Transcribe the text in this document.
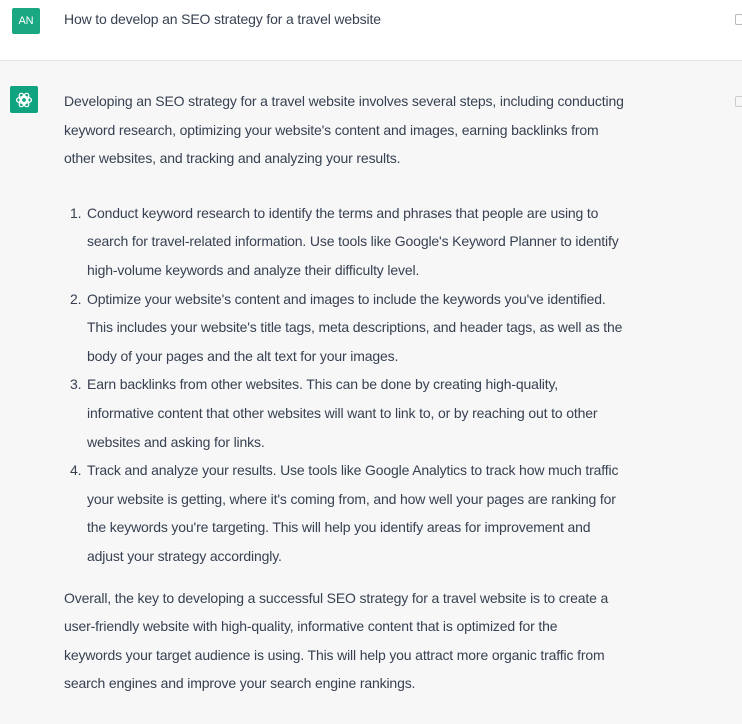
AN	How to develop an SEO strategy for a travel website

Developing an SEO strategy for a travel website involves several steps, including conducting
keyword research, optimizing your website's content and images, earning backlinks from
other websites, and tracking and analyzing your results.

1. Conduct keyword research to identify the terms and phrases that people are using to
search for travel-related information. Use tools like Google's Keyword Planner to identify
high-volume keywords and analyze their difficulty level.
2. Optimize your website's content and images to include the keywords you've identified.
This includes your website's title tags, meta descriptions, and header tags, as well as the
body of your pages and the alt text for your images.
3. Earn backlinks from other websites. This can be done by creating high-quality,
informative content that other websites will want to link to, or by reaching out to other
websites and asking for links.
4. Track and analyze your results. Use tools like Google Analytics to track how much traffic
your website is getting, where it's coming from, and how well your pages are ranking for
the keywords you're targeting. This will help you identify areas for improvement and
adjust your strategy accordingly.

Overall, the key to developing a successful SEO strategy for a travel website is to create a
user-friendly website with high-quality, informative content that is optimized for the
keywords your target audience is using. This will help you attract more organic traffic from
search engines and improve your search engine rankings.
